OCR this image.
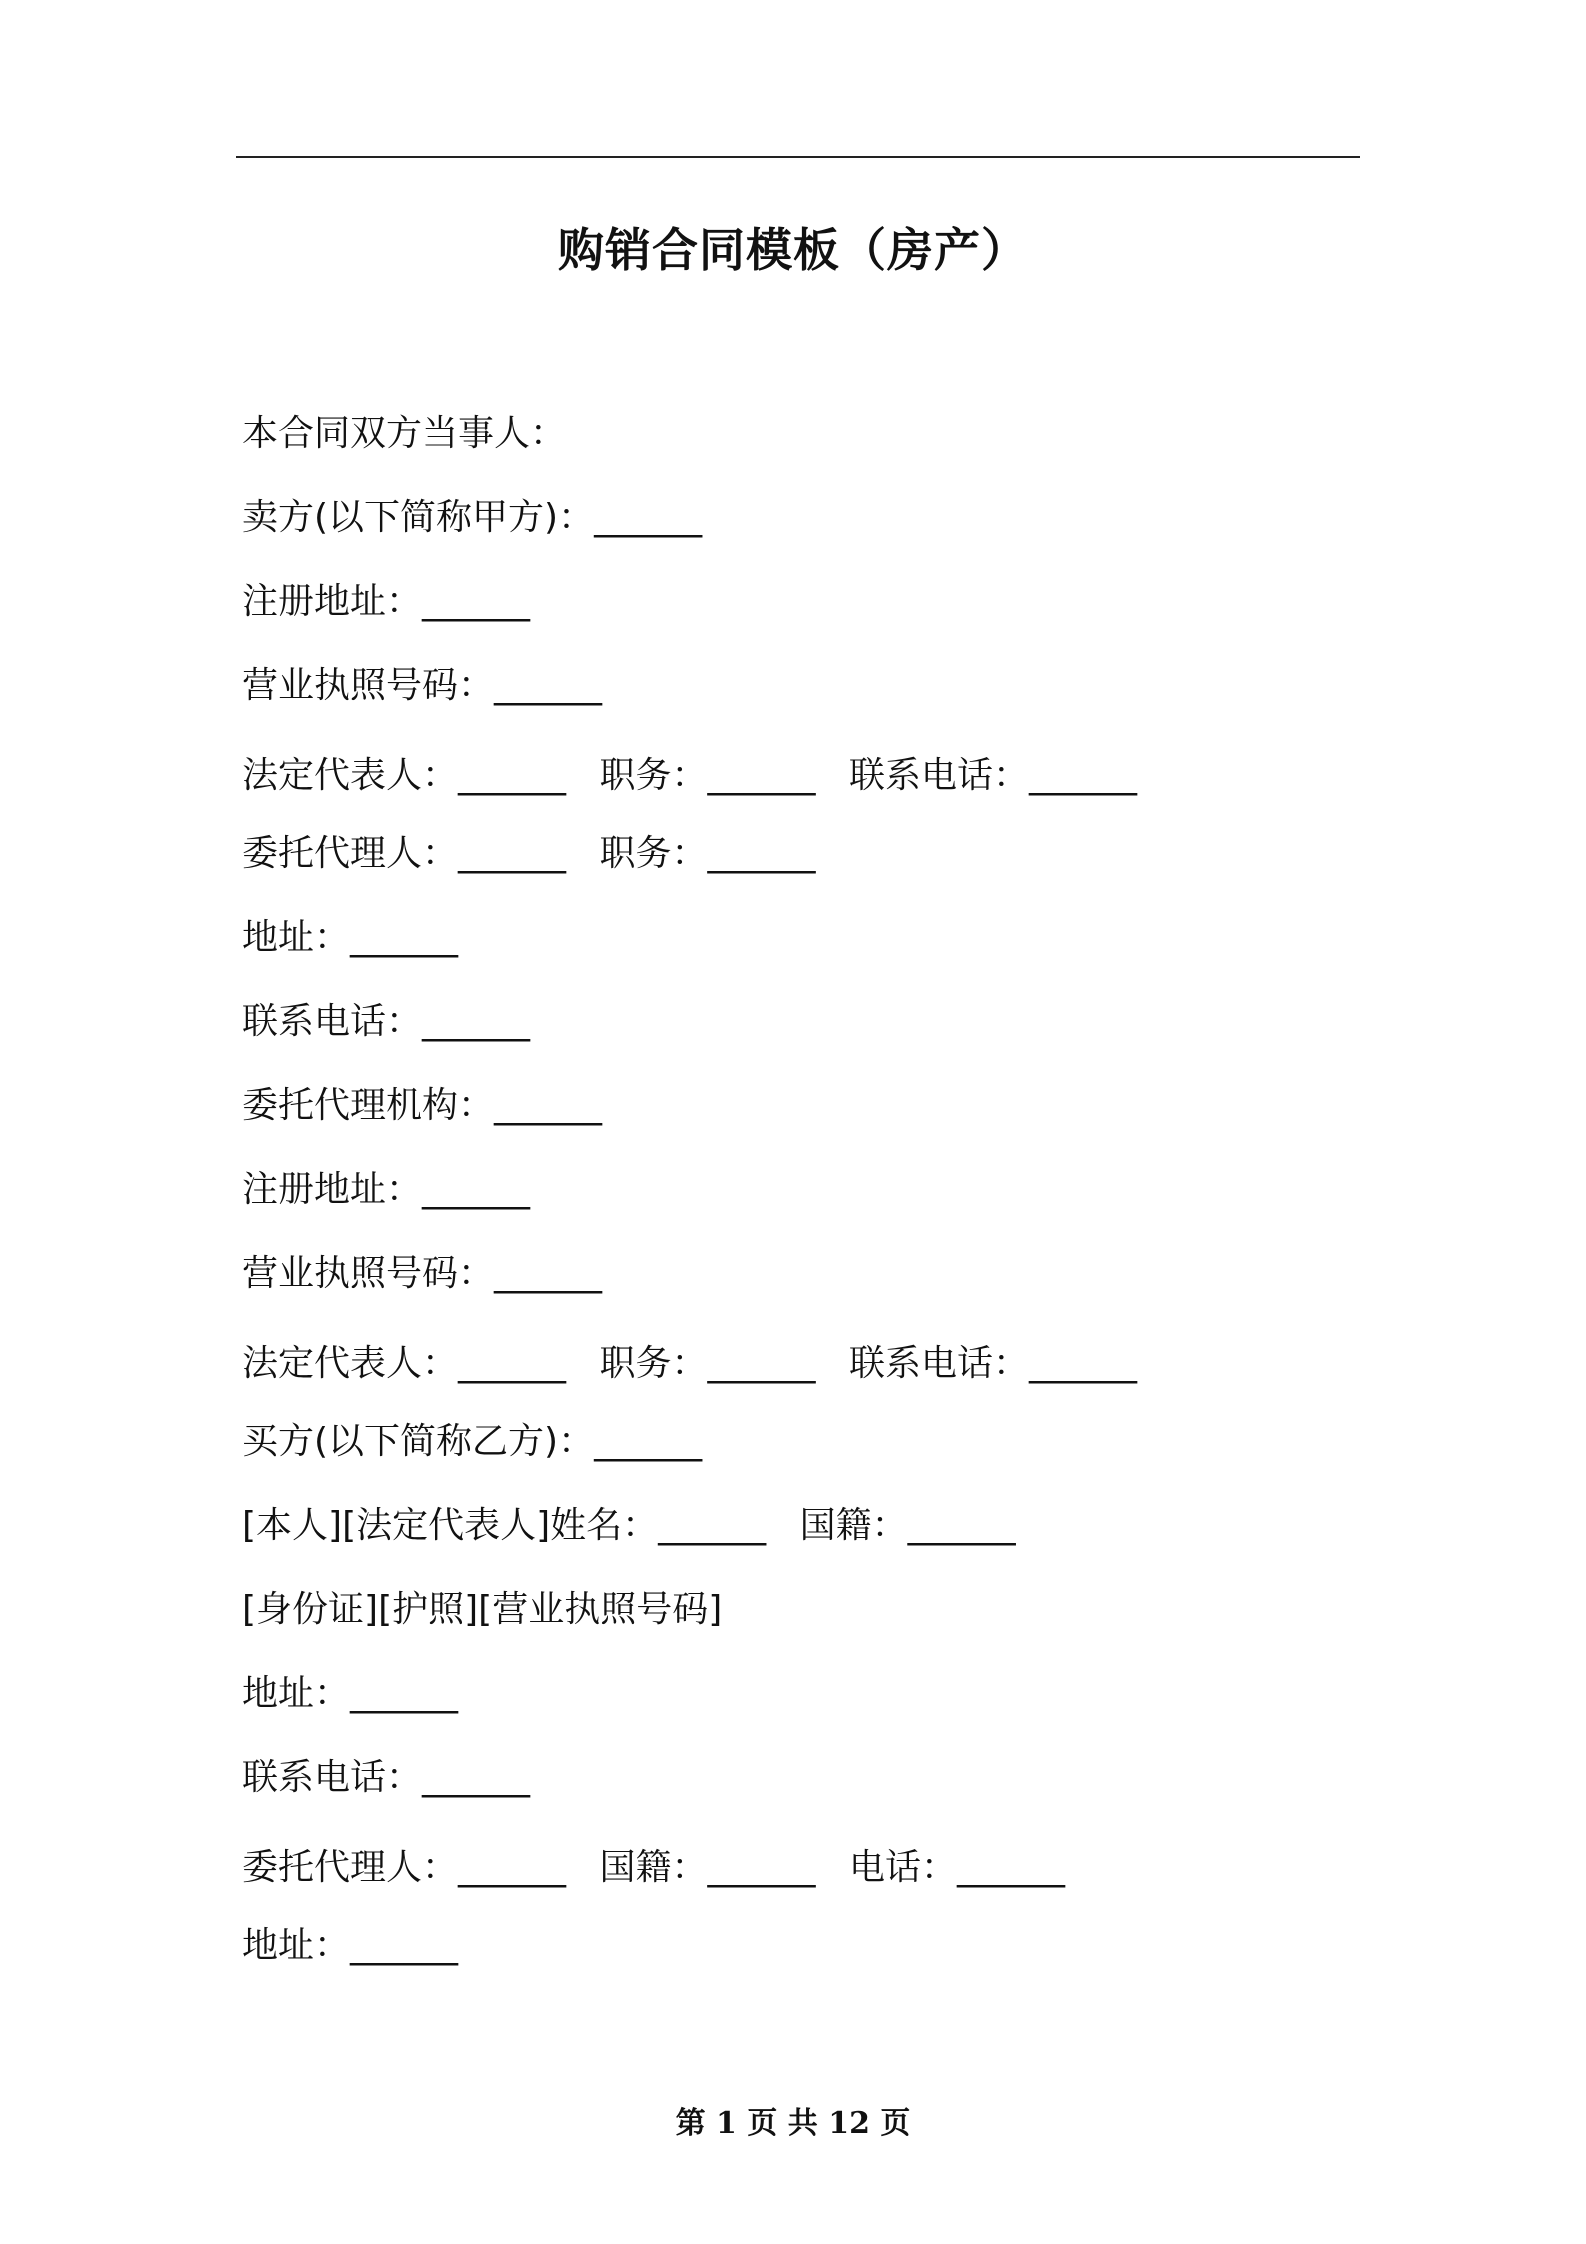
购销合同模板（房产）
本合同双方当事人：
卖方(以下简称甲方)：______
注册地址：______
营业执照号码：______
法定代表人：______ 职务：______ 联系电话：______
委托代理人：______ 职务：______
地址：______
联系电话：______
委托代理机构：______
注册地址：______
营业执照号码：______
法定代表人：______ 职务：______ 联系电话：______
买方(以下简称乙方)：______
[本人][法定代表人]姓名：______ 国籍：______
[身份证][护照][营业执照号码]
地址：______
联系电话：______
委托代理人：______ 国籍：______ 电话：______
地址：______
第 1 页 共 12 页
